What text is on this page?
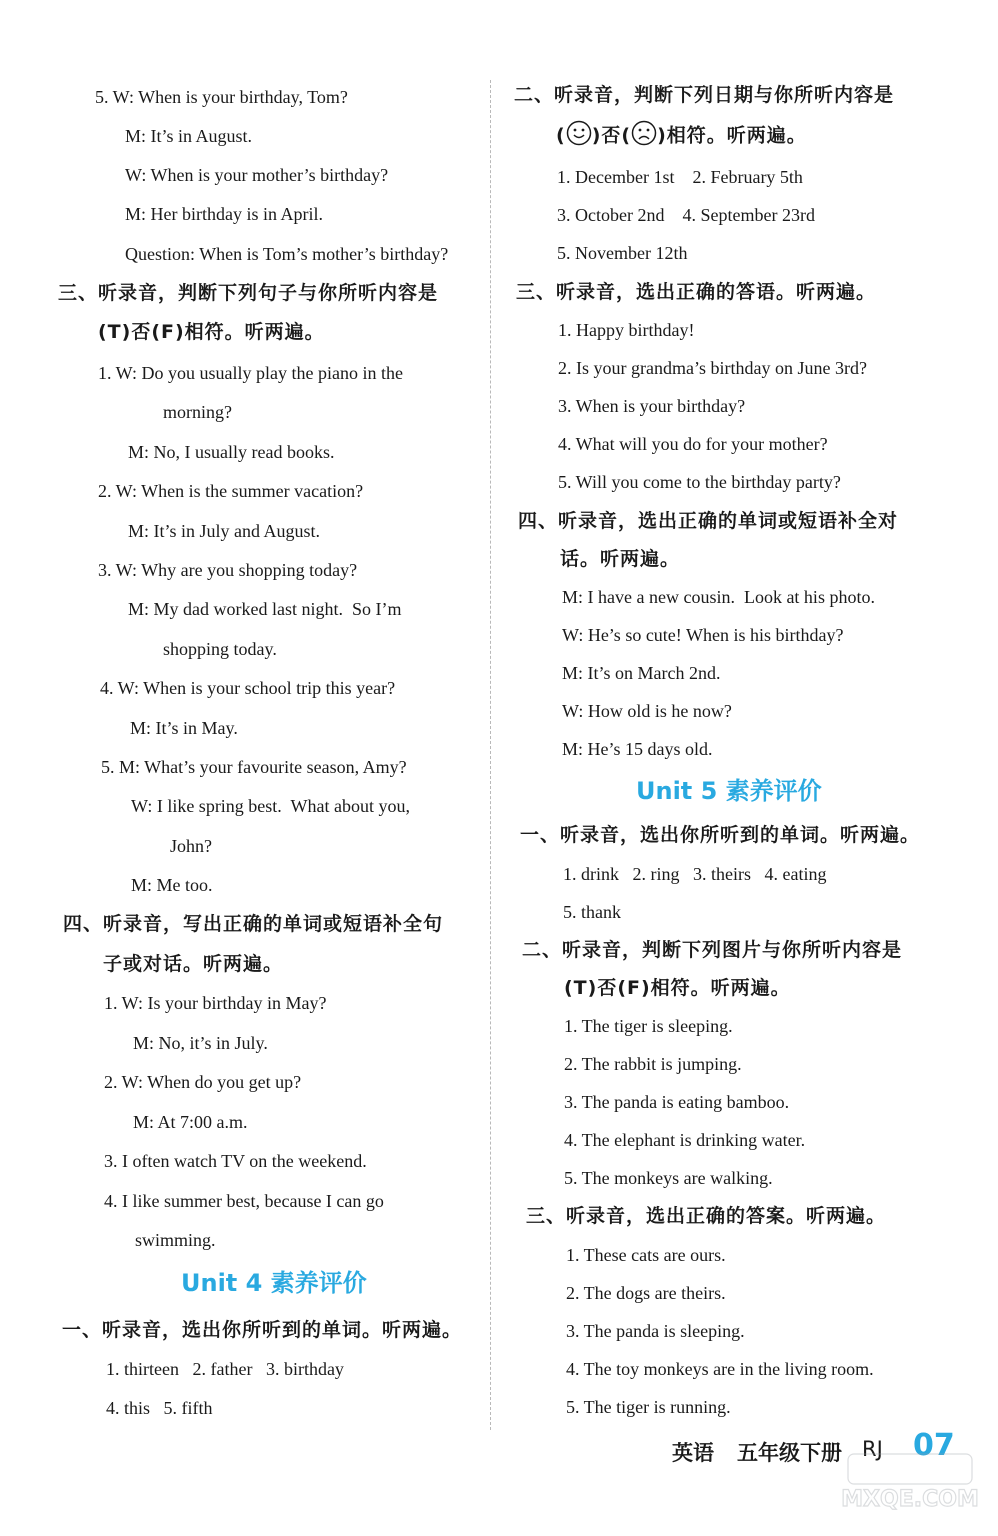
5. W: When is your birthday, Tom?
M: It’s in August.
W: When is your mother’s birthday?
M: Her birthday is in April.
Question: When is Tom’s mother’s birthday?
三、听录音，判断下列句子与你所听内容是
(T)否(F)相符。听两遍。
1. W: Do you usually play the piano in the
morning?
M: No, I usually read books.
2. W: When is the summer vacation?
M: It’s in July and August.
3. W: Why are you shopping today?
M: My dad worked last night.  So I’m
shopping today.
4. W: When is your school trip this year?
M: It’s in May.
5. M: What’s your favourite season, Amy?
W: I like spring best.  What about you,
John?
M: Me too.
四、听录音，写出正确的单词或短语补全句
子或对话。听两遍。
1. W: Is your birthday in May?
M: No, it’s in July.
2. W: When do you get up?
M: At 7:00 a.m.
3. I often watch TV on the weekend.
4. I like summer best, because I can go
swimming.
Unit 4 素养评价
一、听录音，选出你所听到的单词。听两遍。
1. thirteen   2. father   3. birthday
4. this   5. fifth
二、听录音，判断下列日期与你所听内容是
( )否( )相符。听两遍。
1. December 1st    2. February 5th
3. October 2nd    4. September 23rd
5. November 12th
三、听录音，选出正确的答语。听两遍。
1. Happy birthday!
2. Is your grandma’s birthday on June 3rd?
3. When is your birthday?
4. What will you do for your mother?
5. Will you come to the birthday party?
四、听录音，选出正确的单词或短语补全对
话。听两遍。
M: I have a new cousin.  Look at his photo.
W: He’s so cute! When is his birthday?
M: It’s on March 2nd.
W: How old is he now?
M: He’s 15 days old.
Unit 5 素养评价
一、听录音，选出你所听到的单词。听两遍。
1. drink   2. ring   3. theirs   4. eating
5. thank
二、听录音，判断下列图片与你所听内容是
(T)否(F)相符。听两遍。
1. The tiger is sleeping.
2. The rabbit is jumping.
3. The panda is eating bamboo.
4. The elephant is drinking water.
5. The monkeys are walking.
三、听录音，选出正确的答案。听两遍。
1. These cats are ours.
2. The dogs are theirs.
3. The panda is sleeping.
4. The toy monkeys are in the living room.
5. The tiger is running.
英语 五年级下册 RJ 07
MXQE.COM
